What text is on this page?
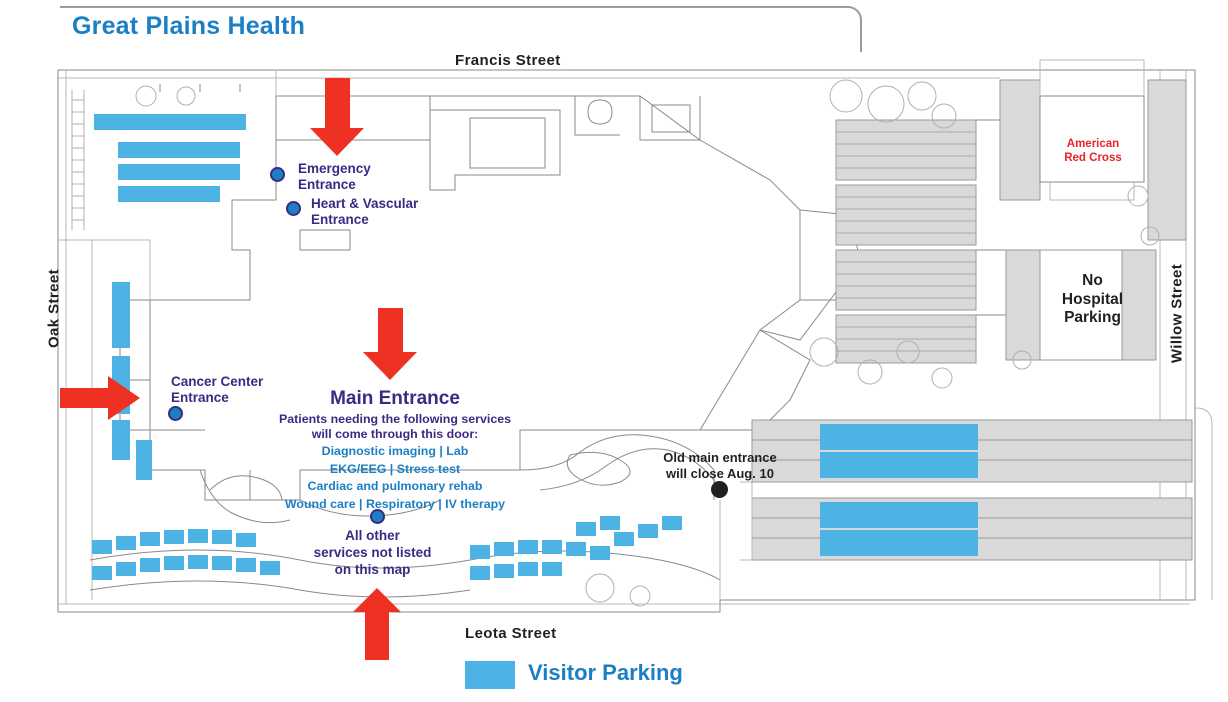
Great Plains Health
Francis Street
Leota Street
Oak Street	Willow Street
Emergency
Entrance
Heart & Vascular
Entrance
Cancer Center
Entrance	Main Entrance
Patients needing the following services
will come through this door:
Diagnostic imaging | Lab
EKG/EEG | Stress test
Cardiac and pulmonary rehab
Wound care | Respiratory | IV therapy
All other
services not listed
on this map
Old main entrance
will close Aug. 10
American
Red Cross
No
Hospital
Parking
Visitor Parking
